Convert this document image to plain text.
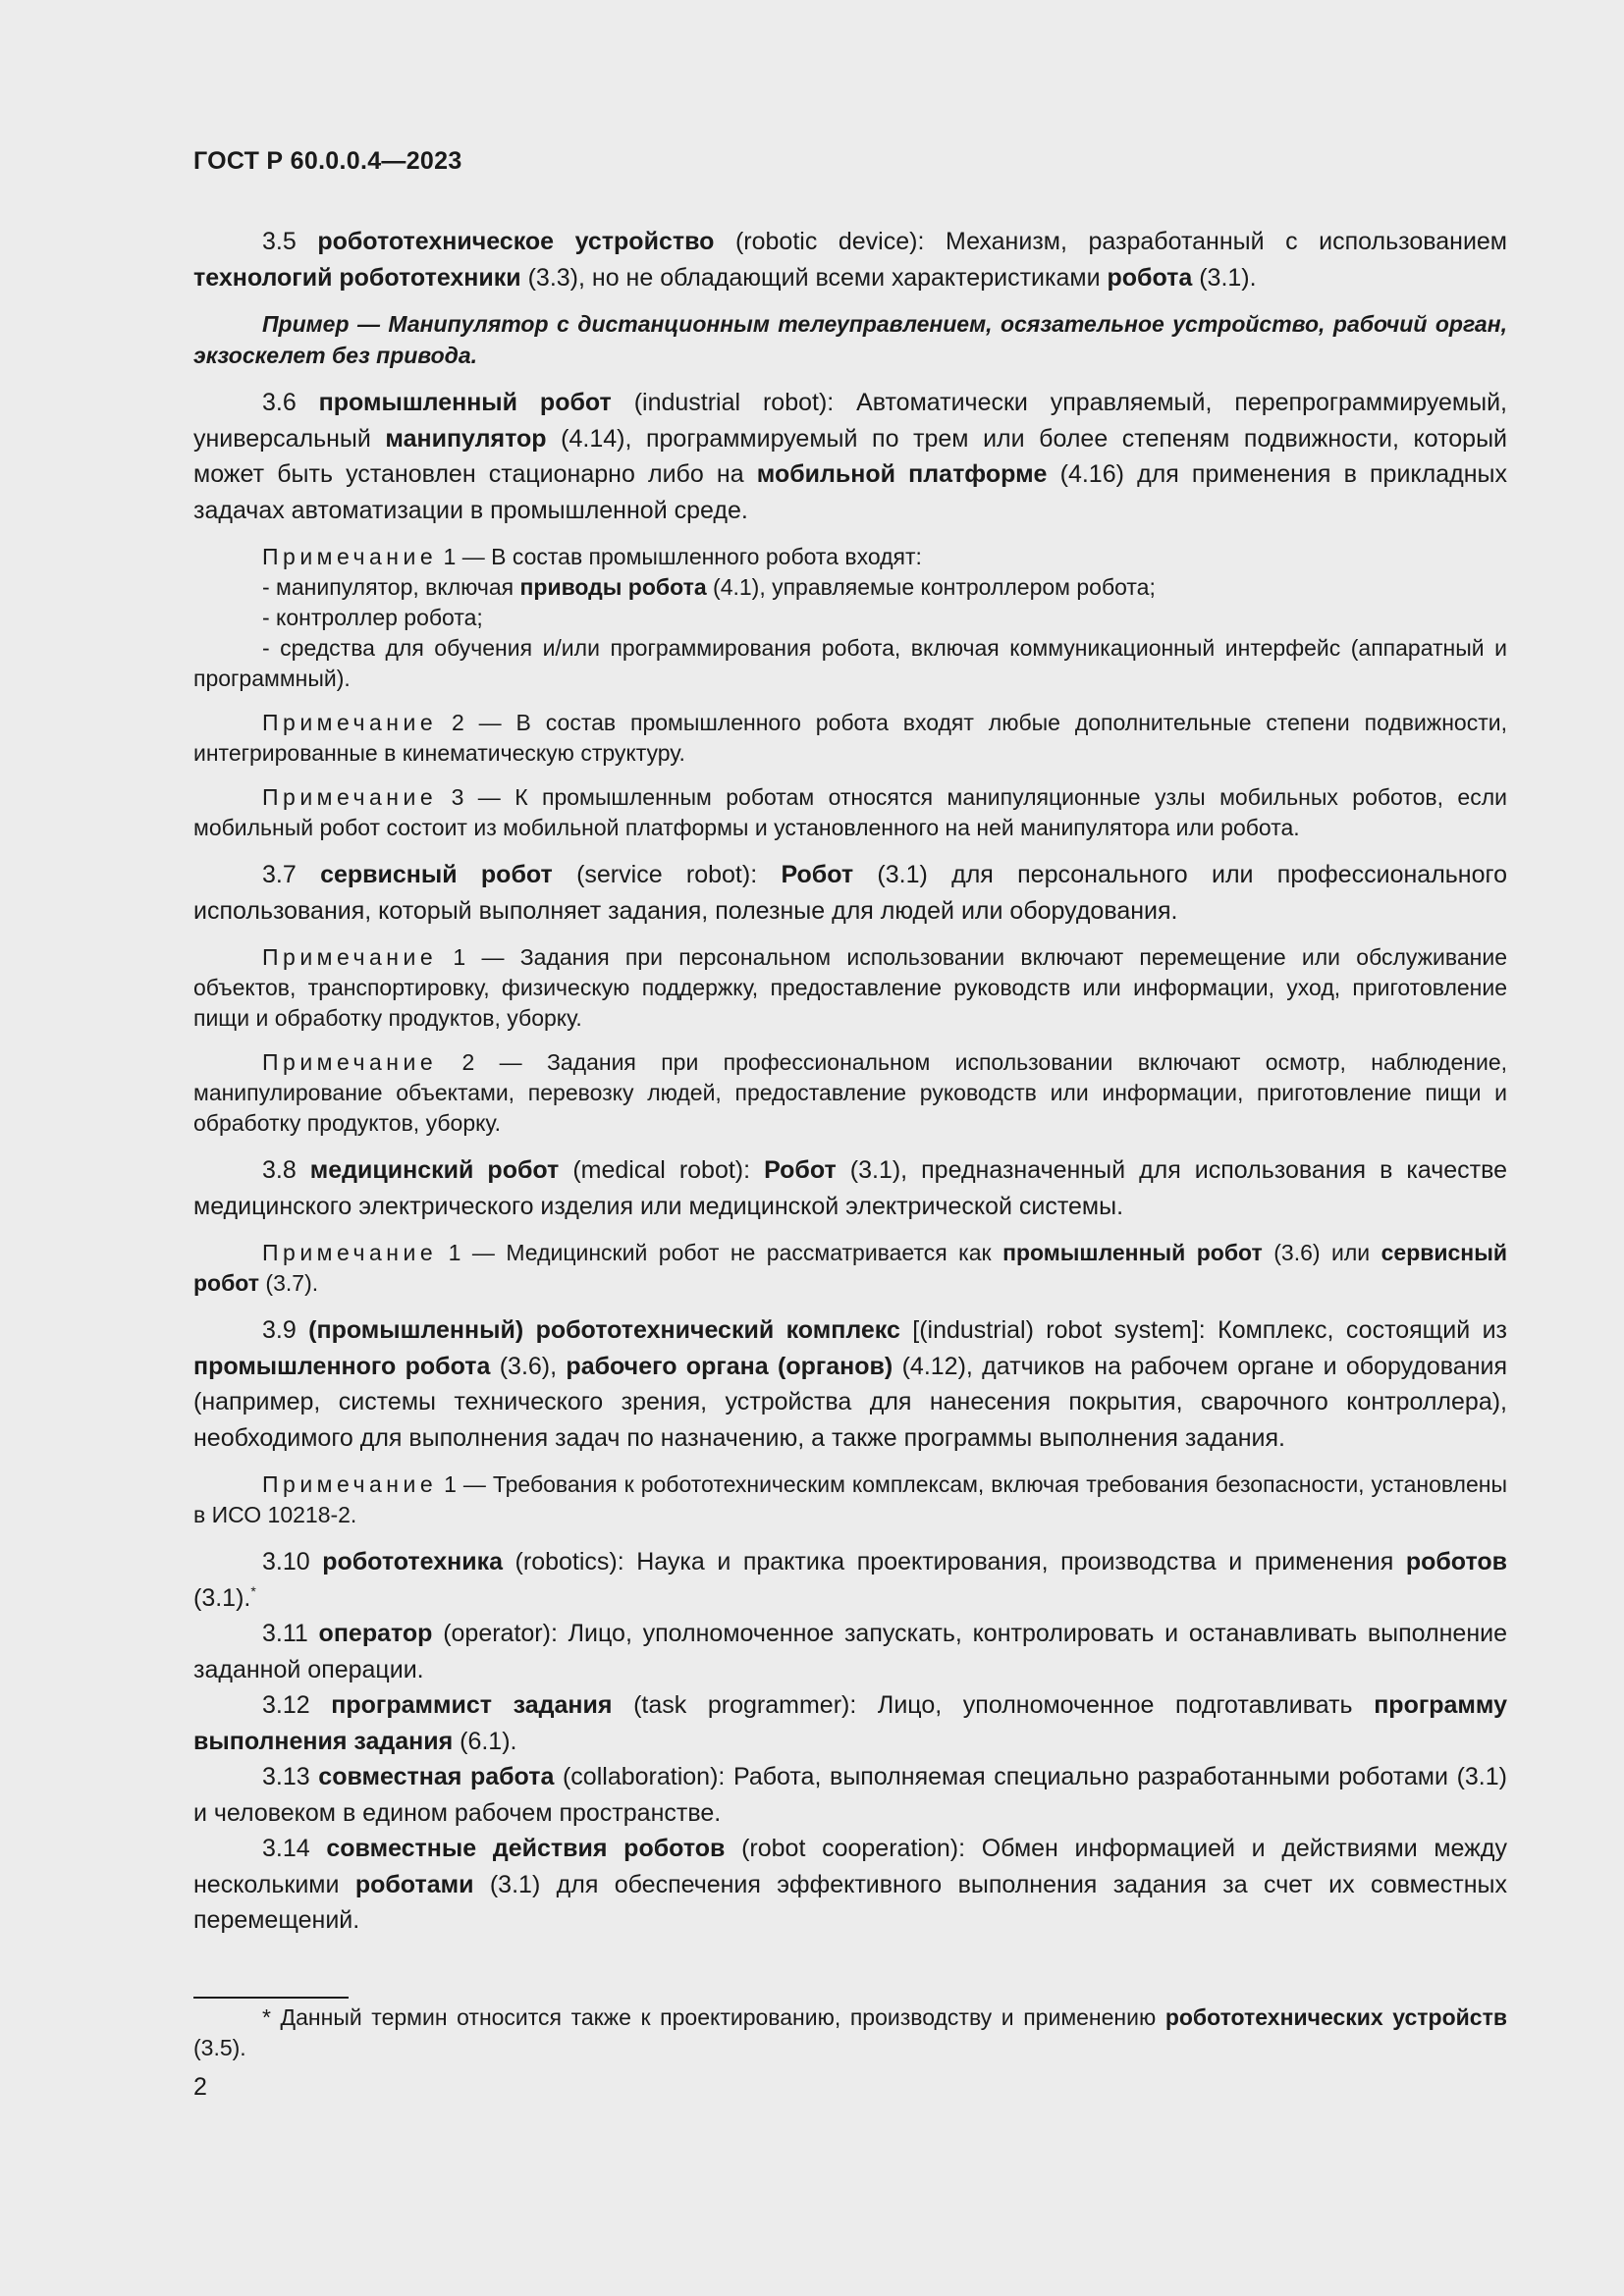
ГОСТ Р 60.0.0.4—2023

3.5 робототехническое устройство (robotic device): Механизм, разработанный с использованием технологий робототехники (3.3), но не обладающий всеми характеристиками робота (3.1).

Пример — Манипулятор с дистанционным телеуправлением, осязательное устройство, рабочий орган, экзоскелет без привода.

3.6 промышленный робот (industrial robot): Автоматически управляемый, перепрограммируемый, универсальный манипулятор (4.14), программируемый по трем или более степеням подвижности, который может быть установлен стационарно либо на мобильной платформе (4.16) для применения в прикладных задачах автоматизации в промышленной среде.

Примечание 1 — В состав промышленного робота входят:

- манипулятор, включая приводы робота (4.1), управляемые контроллером робота;

- контроллер робота;

- средства для обучения и/или программирования робота, включая коммуникационный интерфейс (аппаратный и программный).

Примечание 2 — В состав промышленного робота входят любые дополнительные степени подвижности, интегрированные в кинематическую структуру.

Примечание 3 — К промышленным роботам относятся манипуляционные узлы мобильных роботов, если мобильный робот состоит из мобильной платформы и установленного на ней манипулятора или робота.

3.7 сервисный робот (service robot): Робот (3.1) для персонального или профессионального использования, который выполняет задания, полезные для людей или оборудования.

Примечание 1 — Задания при персональном использовании включают перемещение или обслуживание объектов, транспортировку, физическую поддержку, предоставление руководств или информации, уход, приготовление пищи и обработку продуктов, уборку.

Примечание 2 — Задания при профессиональном использовании включают осмотр, наблюдение, манипулирование объектами, перевозку людей, предоставление руководств или информации, приготовление пищи и обработку продуктов, уборку.

3.8 медицинский робот (medical robot): Робот (3.1), предназначенный для использования в качестве медицинского электрического изделия или медицинской электрической системы.

Примечание 1 — Медицинский робот не рассматривается как промышленный робот (3.6) или сервисный робот (3.7).

3.9 (промышленный) робототехнический комплекс [(industrial) robot system]: Комплекс, состоящий из промышленного робота (3.6), рабочего органа (органов) (4.12), датчиков на рабочем органе и оборудования (например, системы технического зрения, устройства для нанесения покрытия, сварочного контроллера), необходимого для выполнения задач по назначению, а также программы выполнения задания.

Примечание 1 — Требования к робототехническим комплексам, включая требования безопасности, установлены в ИСО 10218-2.

3.10 робототехника (robotics): Наука и практика проектирования, производства и применения роботов (3.1).*

3.11 оператор (operator): Лицо, уполномоченное запускать, контролировать и останавливать выполнение заданной операции.

3.12 программист задания (task programmer): Лицо, уполномоченное подготавливать программу выполнения задания (6.1).

3.13 совместная работа (collaboration): Работа, выполняемая специально разработанными роботами (3.1) и человеком в едином рабочем пространстве.

3.14 совместные действия роботов (robot cooperation): Обмен информацией и действиями между несколькими роботами (3.1) для обеспечения эффективного выполнения задания за счет их совместных перемещений.

* Данный термин относится также к проектированию, производству и применению робототехнических устройств (3.5).

2
